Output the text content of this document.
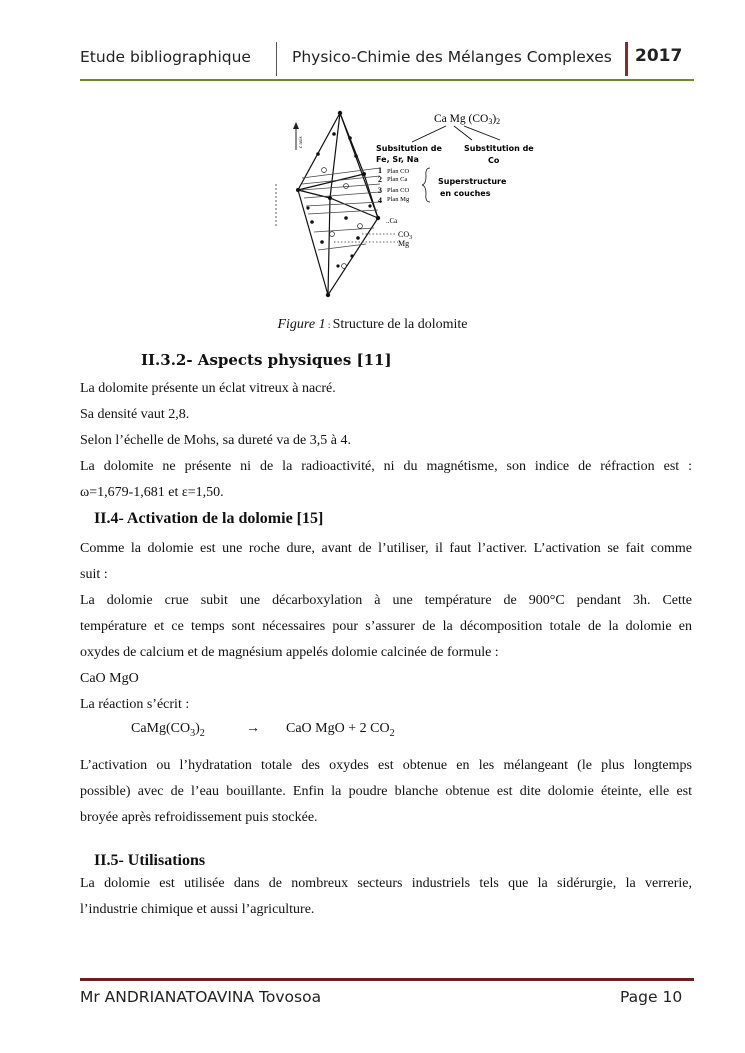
Etude bibliographique	Physico-Chimie des Mélanges Complexes 2017
c axis
Ca Mg (CO3)2
Subsitution de
Fe, Sr, Na
Substitution de
Co
Plan CO
Plan Ca
Plan CO
Plan Mg
1
2
3
4
Superstructure
en couches
..Ca
$CO_3$
Mg
Figure 1 : Structure de la dolomite
II.3.2- Aspects physiques [11]
La dolomite présente un éclat vitreux à nacré.
Sa densité vaut 2,8.
Selon l’échelle de Mohs, sa dureté va de 3,5 à 4.
La dolomite ne présente ni de la radioactivité, ni du magnétisme, son indice de réfraction est :
ω=1,679-1,681 et ε=1,50.
II.4- Activation de la dolomie [15]
Comme la dolomie est une roche dure, avant de l’utiliser, il faut l’activer. L’activation se fait comme
suit :
La dolomie crue subit une décarboxylation à une température de 900°C pendant 3h. Cette
température et ce temps sont nécessaires pour s’assurer de la décomposition totale de la dolomie en
oxydes de calcium et de magnésium appelés dolomie calcinée de formule :
CaO MgO
La réaction s’écrit :
$CaMg(CO_3)_2$	→ CaO MgO + 2 $CO_2$
L’activation ou l’hydratation totale des oxydes est obtenue en les mélangeant (le plus longtemps
possible) avec de l’eau bouillante. Enfin la poudre blanche obtenue est dite dolomie éteinte, elle est
broyée après refroidissement puis stockée.
II.5- Utilisations
La dolomie est utilisée dans de nombreux secteurs industriels tels que la sidérurgie, la verrerie,
l’industrie chimique et aussi l’agriculture.
Mr ANDRIANATOAVINA Tovosoa	Page 10
